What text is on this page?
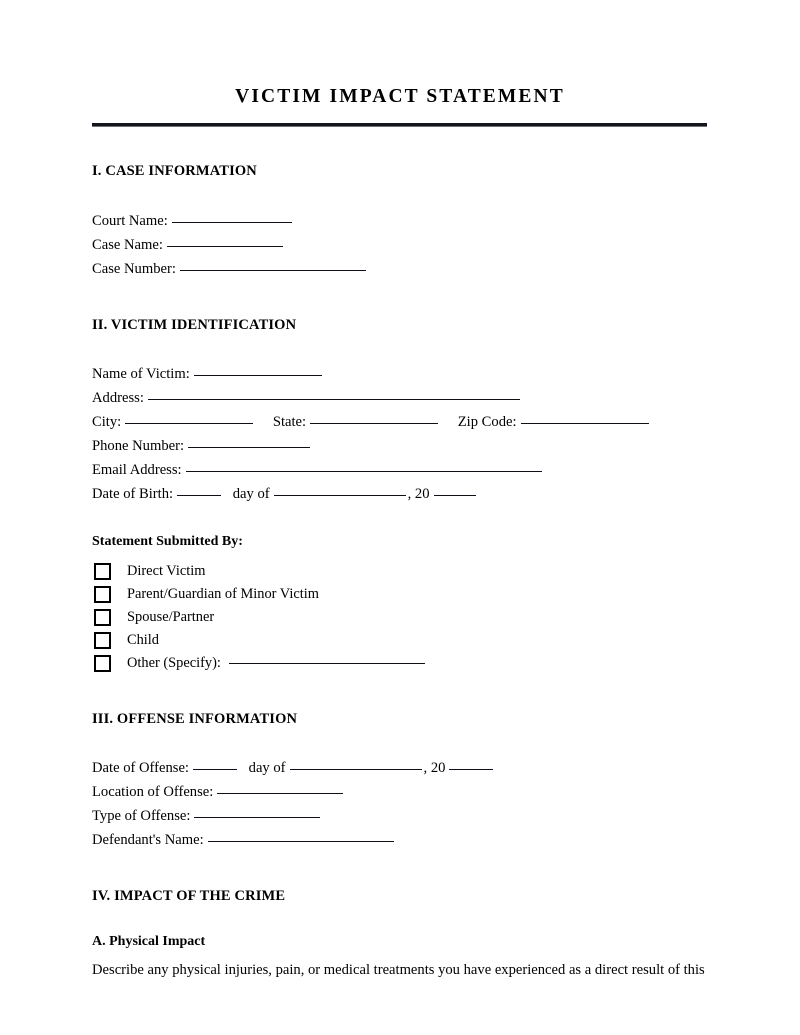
VICTIM IMPACT STATEMENT
I. CASE INFORMATION
Court Name:
Case Name:
Case Number:
II. VICTIM IDENTIFICATION
Name of Victim:
Address:
City:	State:	Zip Code:
Phone Number:
Email Address:
Date of Birth:	day of	, 20
Statement Submitted By:
Direct Victim
Parent/Guardian of Minor Victim
Spouse/Partner
Child
Other (Specify):
III. OFFENSE INFORMATION
Date of Offense:	day of	, 20
Location of Offense:
Type of Offense:
Defendant's Name:
IV. IMPACT OF THE CRIME
A. Physical Impact

Describe any physical injuries, pain, or medical treatments you have experienced as a direct result of this
